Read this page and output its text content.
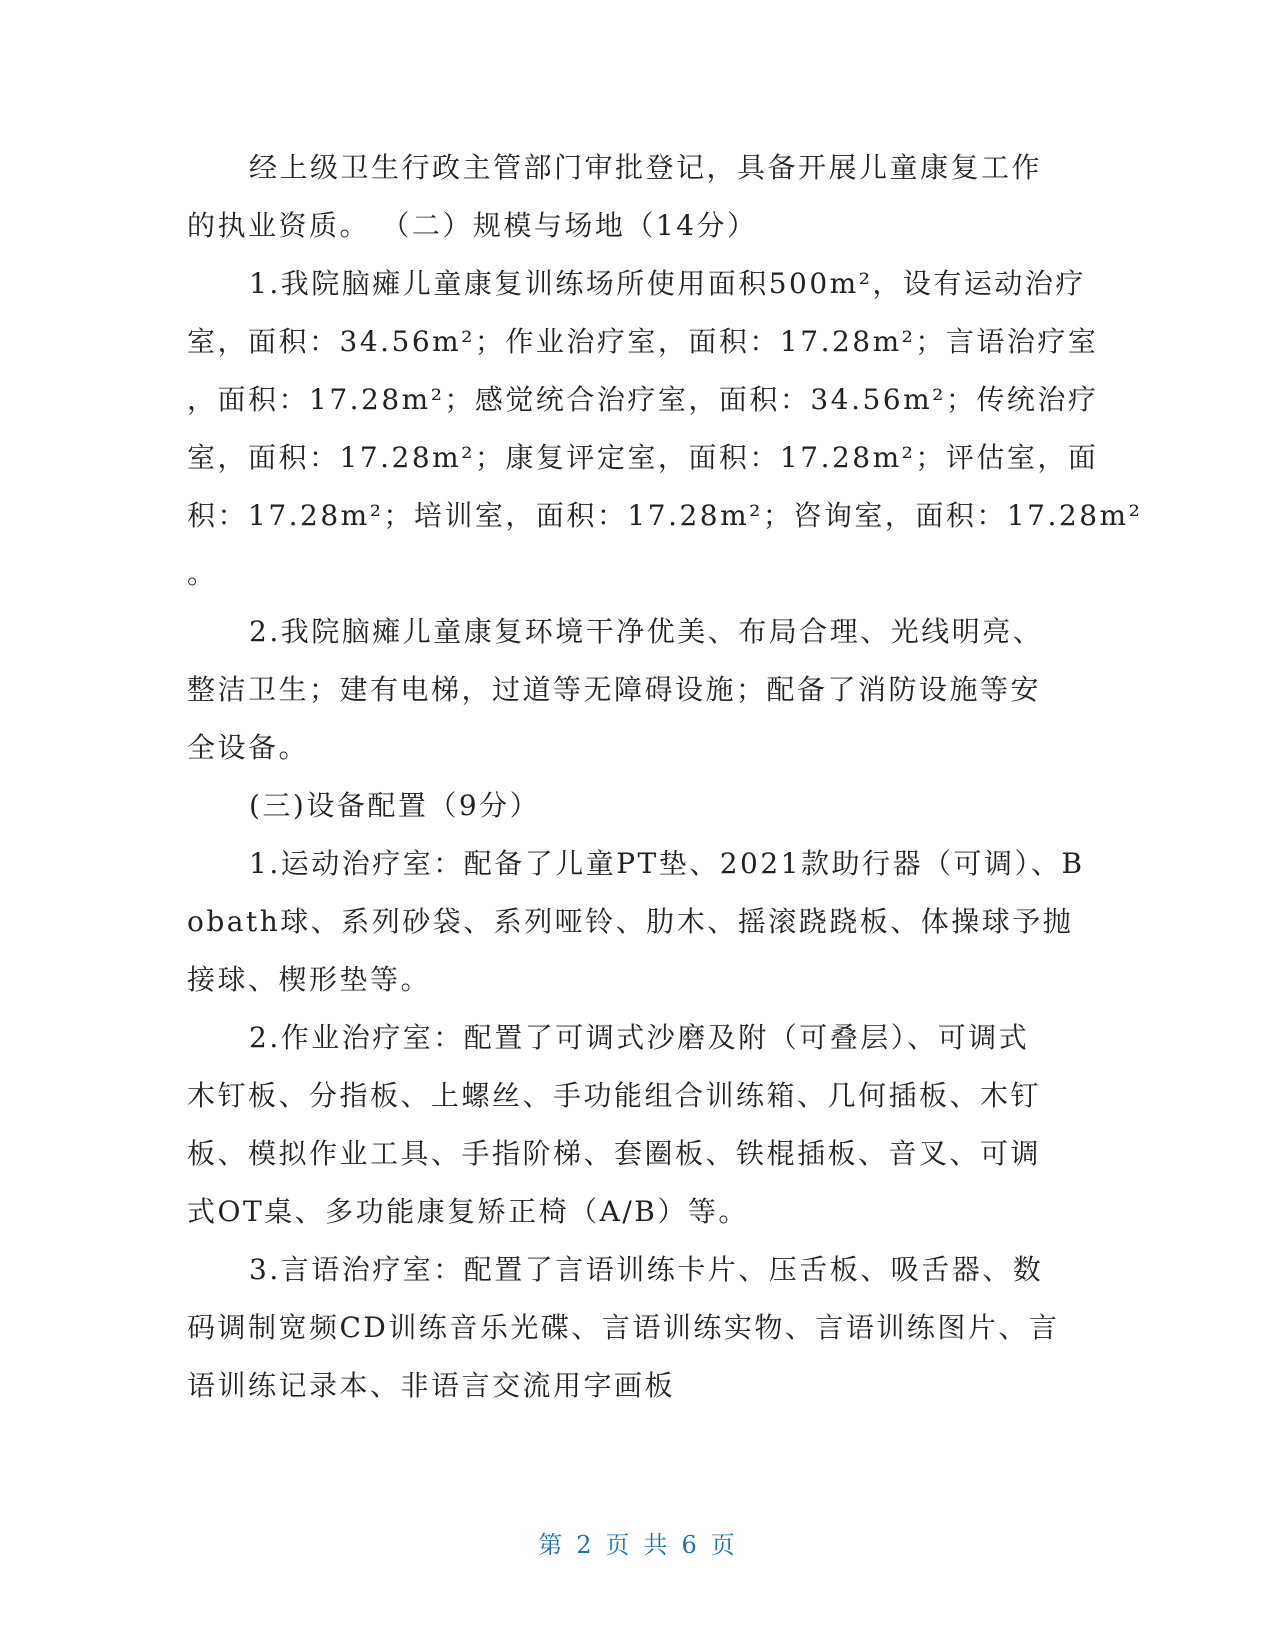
经上级卫生行政主管部门审批登记，具备开展儿童康复工作
的执业资质。 （二）规模与场地（14分）
1.我院脑瘫儿童康复训练场所使用面积500m²，设有运动治疗
室，面积：34.56m²；作业治疗室，面积：17.28m²；言语治疗室
，面积：17.28m²；感觉统合治疗室，面积：34.56m²；传统治疗
室，面积：17.28m²；康复评定室，面积：17.28m²；评估室，面
积：17.28m²；培训室，面积：17.28m²；咨询室，面积：17.28m²
。
2.我院脑瘫儿童康复环境干净优美、布局合理、光线明亮、
整洁卫生；建有电梯，过道等无障碍设施；配备了消防设施等安
全设备。
(三)设备配置（9分）
1.运动治疗室：配备了儿童PT垫、2021款助行器（可调）、B
obath球、系列砂袋、系列哑铃、肋木、摇滚跷跷板、体操球予抛
接球、楔形垫等。
2.作业治疗室：配置了可调式沙磨及附（可叠层）、可调式
木钉板、分指板、上螺丝、手功能组合训练箱、几何插板、木钉
板、模拟作业工具、手指阶梯、套圈板、铁棍插板、音叉、可调
式OT桌、多功能康复矫正椅（A/B）等。
3.言语治疗室：配置了言语训练卡片、压舌板、吸舌器、数
码调制宽频CD训练音乐光碟、言语训练实物、言语训练图片、言
语训练记录本、非语言交流用字画板
第 2 页 共 6 页
